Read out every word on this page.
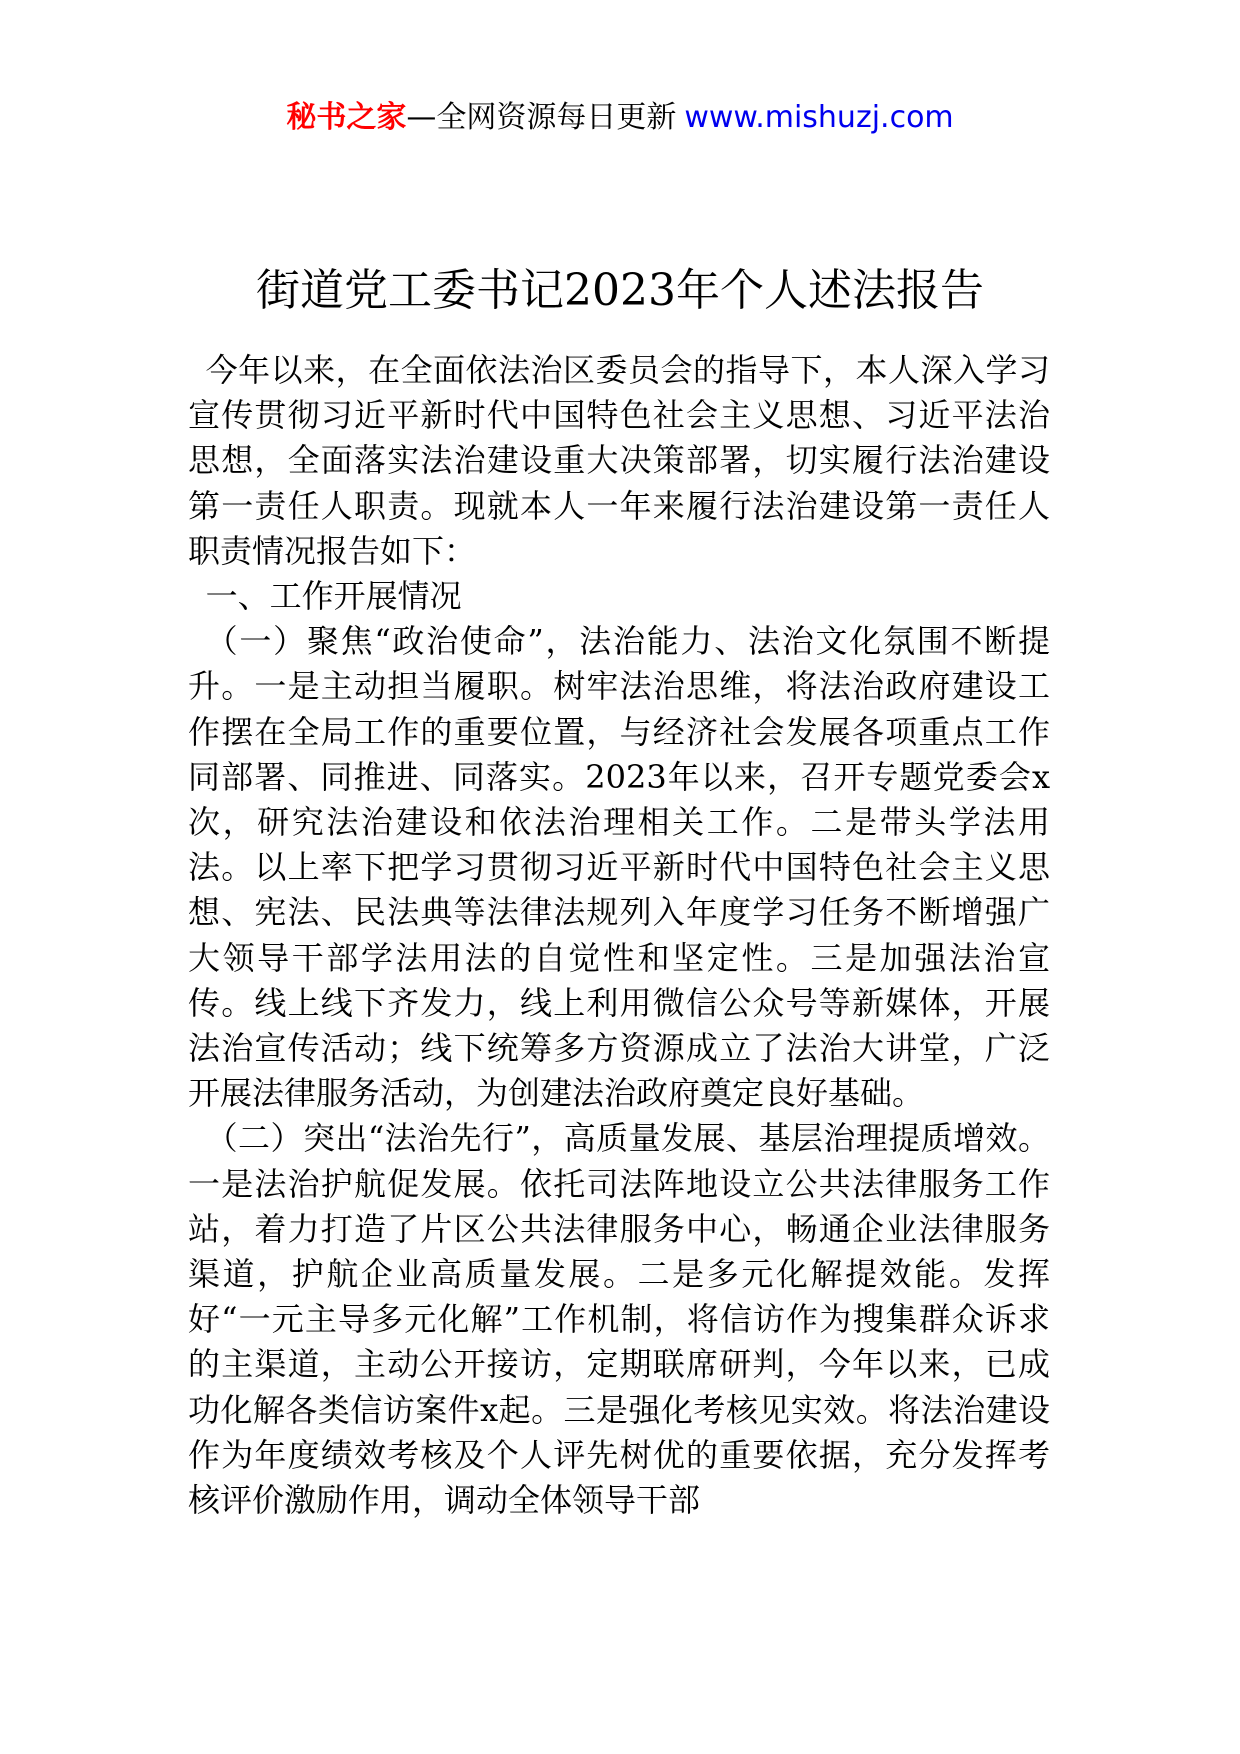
秘书之家—全网资源每日更新 www.mishuzj.com
街道党工委书记2023年个人述法报告

今年以来，在全面依法治区委员会的指导下，本人深入学习宣传贯彻习近平新时代中国特色社会主义思想、习近平法治思想，全面落实法治建设重大决策部署，切实履行法治建设第一责任人职责。现就本人一年来履行法治建设第一责任人职责情况报告如下：

一、工作开展情况

（一）聚焦“政治使命”，法治能力、法治文化氛围不断提升。一是主动担当履职。树牢法治思维，将法治政府建设工作摆在全局工作的重要位置，与经济社会发展各项重点工作同部署、同推进、同落实。2023年以来，召开专题党委会x次，研究法治建设和依法治理相关工作。二是带头学法用法。以上率下把学习贯彻习近平新时代中国特色社会主义思想、宪法、民法典等法律法规列入年度学习任务不断增强广大领导干部学法用法的自觉性和坚定性。三是加强法治宣传。线上线下齐发力，线上利用微信公众号等新媒体，开展法治宣传活动；线下统筹多方资源成立了法治大讲堂，广泛开展法律服务活动，为创建法治政府奠定良好基础。

（二）突出“法治先行”，高质量发展、基层治理提质增效。一是法治护航促发展。依托司法阵地设立公共法律服务工作站，着力打造了片区公共法律服务中心，畅通企业法律服务渠道，护航企业高质量发展。二是多元化解提效能。发挥好“一元主导多元化解”工作机制，将信访作为搜集群众诉求的主渠道，主动公开接访，定期联席研判，今年以来，已成功化解各类信访案件x起。三是强化考核见实效。将法治建设作为年度绩效考核及个人评先树优的重要依据，充分发挥考核评价激励作用，调动全体领导干部
